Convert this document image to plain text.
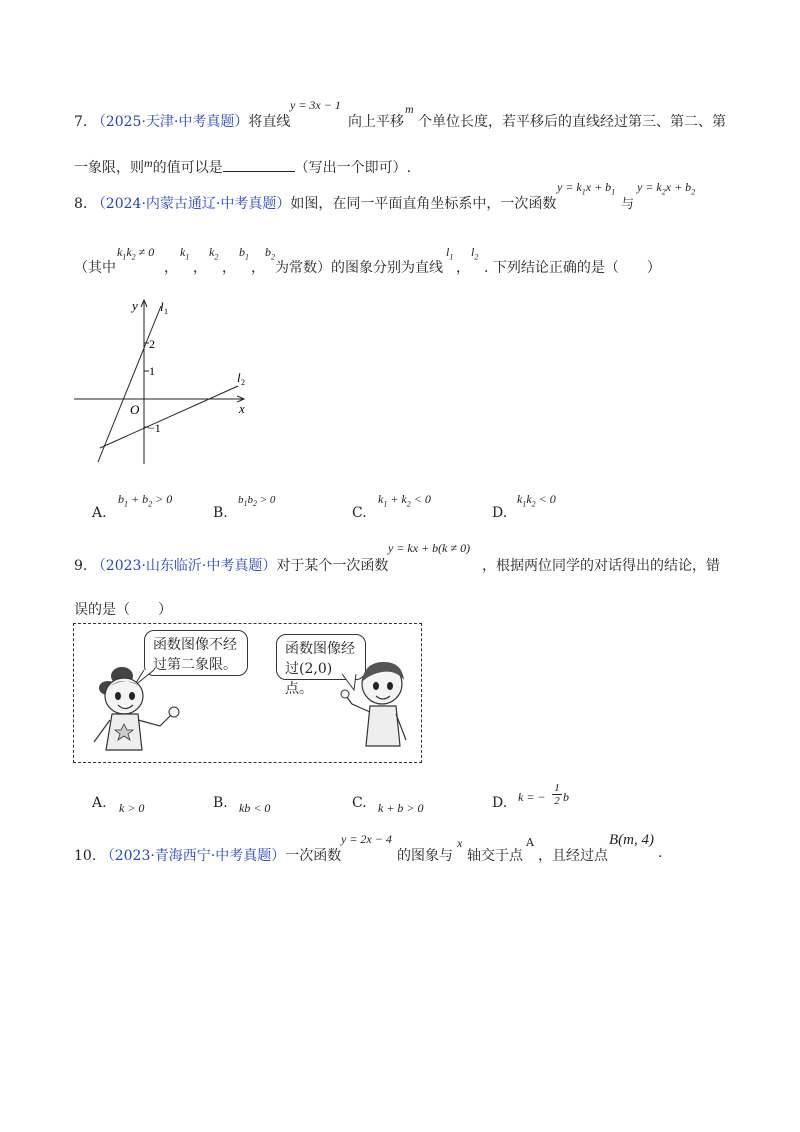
7. （2025·天津·中考真题）将直线
y = 3x − 1
向上平移
m
个单位长度，若平移后的直线经过第三、第二、第
一象限，则m的值可以是	（写出一个即可）.
8. （2024·内蒙古通辽·中考真题）如图，在同一平面直角坐标系中，一次函数
$y = k_1x + b_1$
与
$y = k_2x + b_2$
（其中
$k_1k_2 \ne 0$
，
$k_1$
，
$k_2$
，
$b_1$
，
$b_2$
为常数）的图象分别为直线
$l_1$
，
$l_2$
. 下列结论正确的是（　　）
y
x
O
2
1
−1
l 1
l 2
A.
$b_1 + b_2 > 0$
B.
$b_1b_2 > 0$
C.
$k_1 + k_2 < 0$
D.
$k_1k_2 < 0$
9. （2023·山东临沂·中考真题）对于某个一次函数
y = kx + b(k ≠ 0)
，根据两位同学的对话得出的结论，错
误的是（　　）
函数图像不经
过第二象限。
函数图像经
过(2,0)点。
A. k > 0	B. kb < 0	C. k + b > 0	D. k = − $\frac{1}{2}$ b
10. （2023·青海西宁·中考真题）一次函数
y = 2x − 4
的图象与
x
轴交于点
A
，且经过点
B(m, 4)
.
